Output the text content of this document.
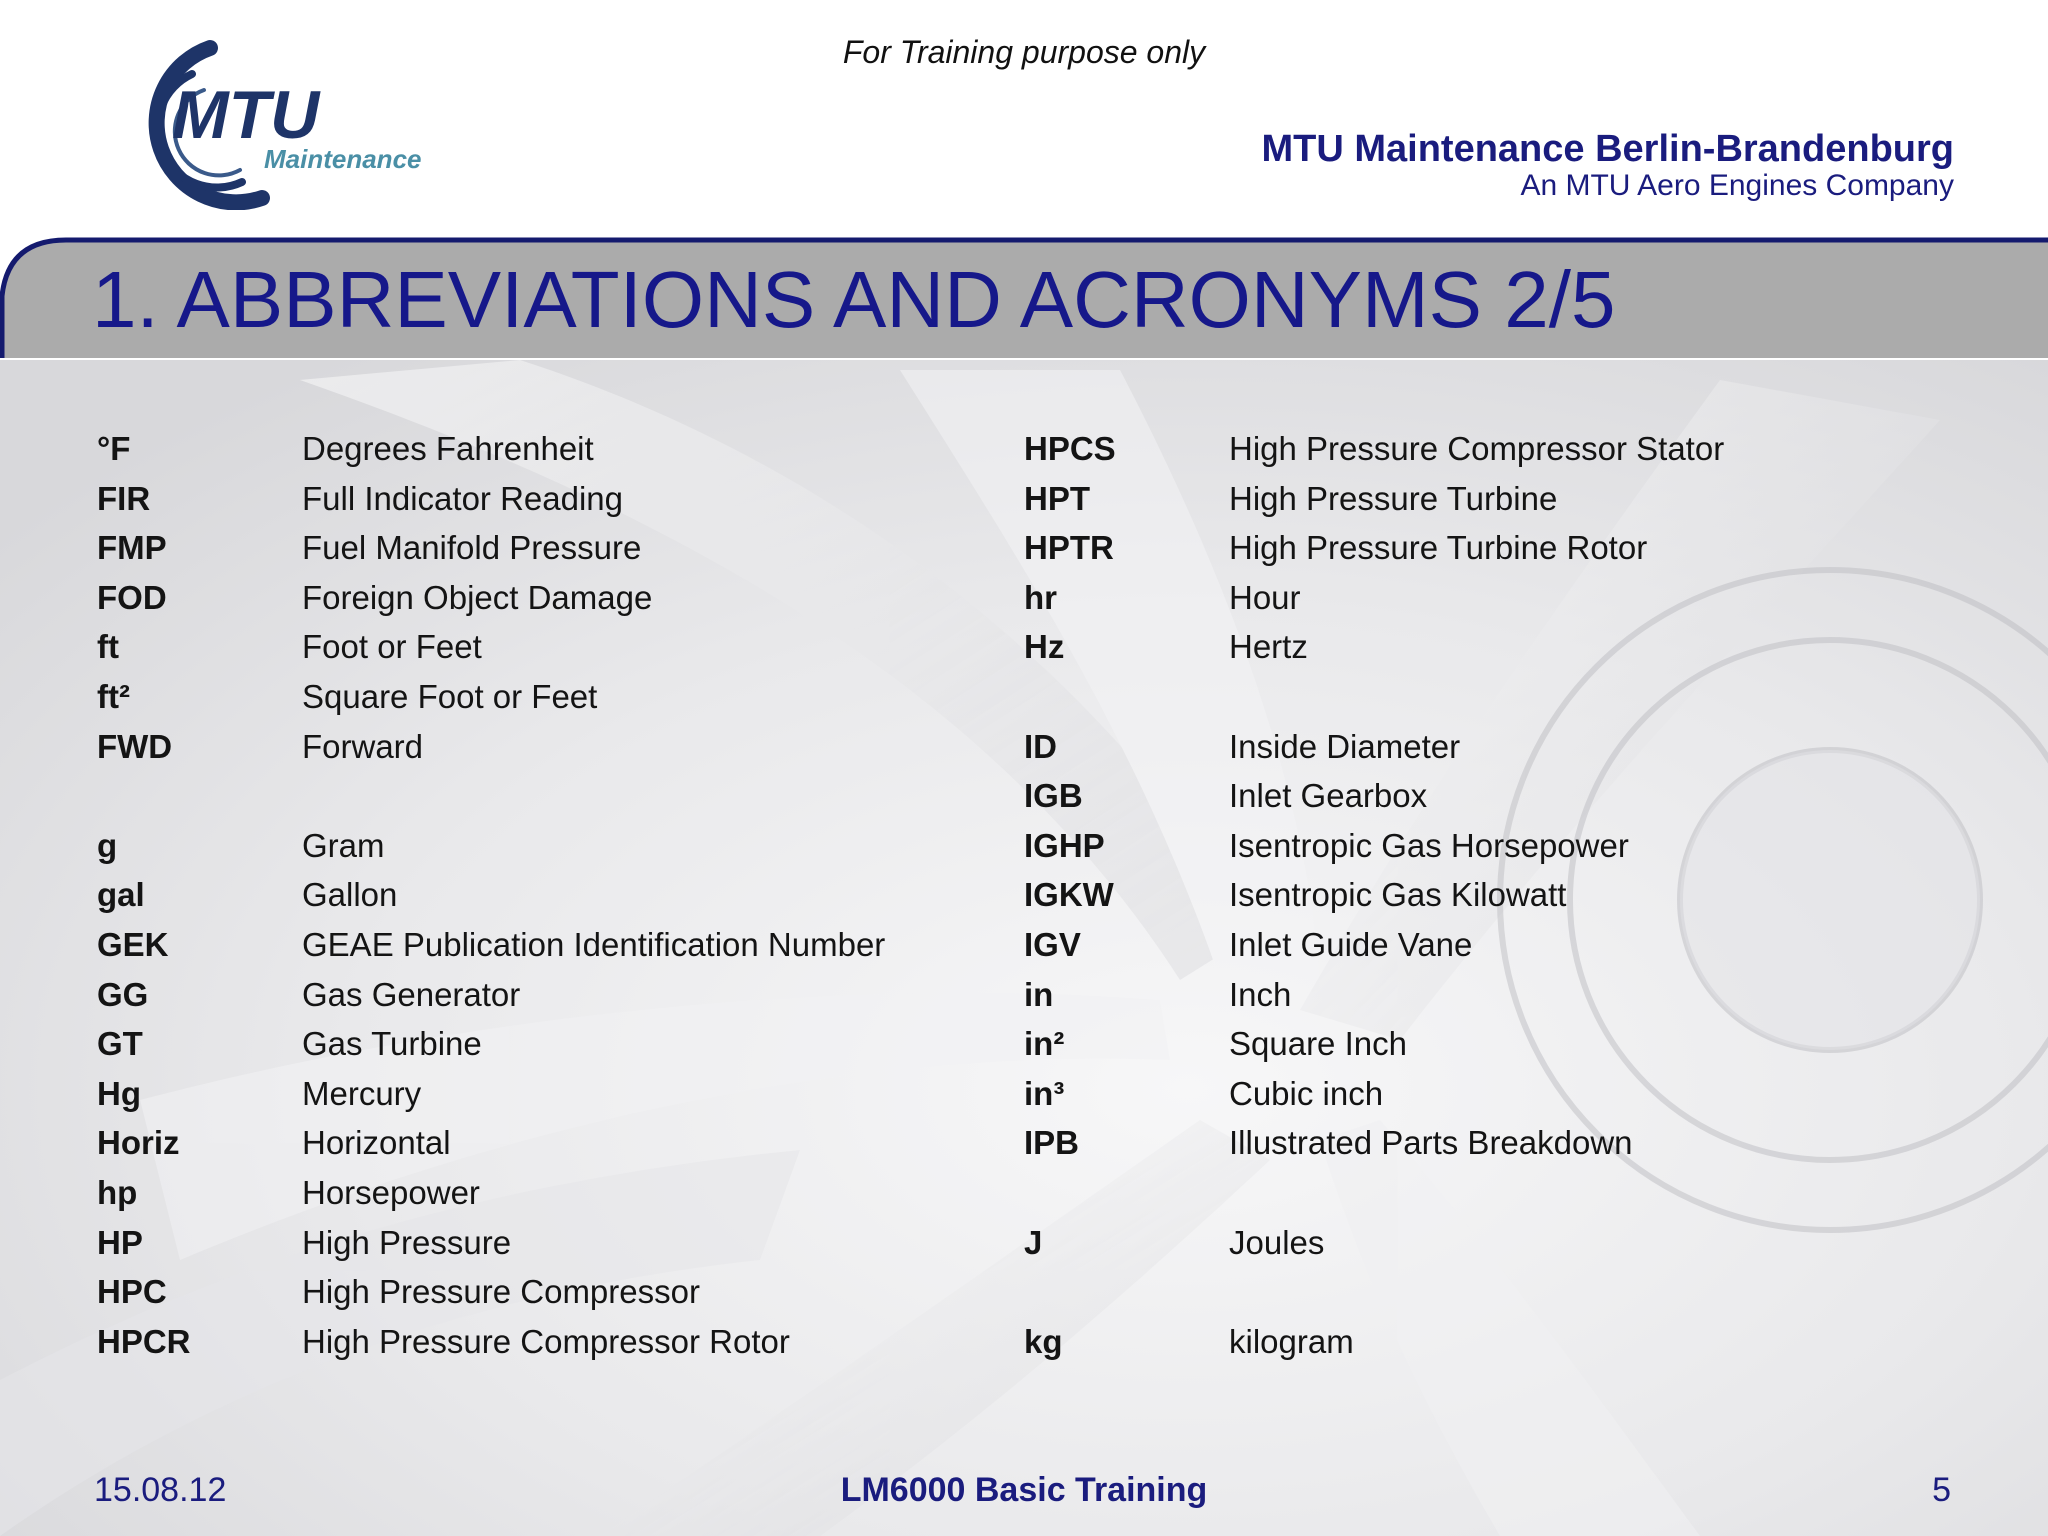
For Training purpose only
MTU
Maintenance	MTU Maintenance Berlin-Brandenburg
An MTU Aero Engines Company
1. ABBREVIATIONS AND ACRONYMS 2/5
°F	Degrees Fahrenheit
FIR	Full Indicator Reading
FMP	Fuel Manifold Pressure
FOD	Foreign Object Damage
ft	Foot or Feet
ft²	Square Foot or Feet
FWD	Forward
g	Gram
gal	Gallon
GEK	GEAE Publication Identification Number
GG	Gas Generator
GT	Gas Turbine
Hg	Mercury
Horiz	Horizontal
hp	Horsepower
HP	High Pressure
HPC	High Pressure Compressor
HPCR	High Pressure Compressor Rotor
HPCS	High Pressure Compressor Stator
HPT	High Pressure Turbine
HPTR	High Pressure Turbine Rotor
hr	Hour
Hz	Hertz
ID	Inside Diameter
IGB	Inlet Gearbox
IGHP	Isentropic Gas Horsepower
IGKW	Isentropic Gas Kilowatt
IGV	Inlet Guide Vane
in	Inch
in²	Square Inch
in³	Cubic inch
IPB	Illustrated Parts Breakdown
J	Joules
kg	kilogram
15.08.12	LM6000 Basic Training	5
